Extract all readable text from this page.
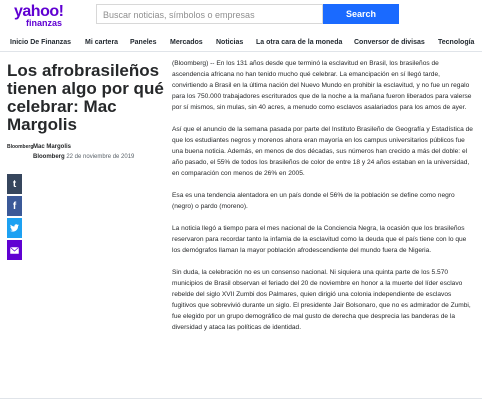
yahoo!
finanzas
Buscar noticias, símbolos o empresas
Search
Inicio De Finanzas Mi cartera Paneles Mercados Noticias La otra cara de la moneda Conversor de divisas Tecnología
Los afrobrasileños tienen algo por qué celebrar: Mac Margolis
Bloomberg Mac Margolis
Bloomberg 22 de noviembre de 2019
t
f

(Bloomberg) -- En los 131 años desde que terminó la esclavitud en Brasil, los brasileños de ascendencia africana no han tenido mucho qué celebrar. La emancipación en sí llegó tarde, convirtiendo a Brasil en la última nación del Nuevo Mundo en prohibir la esclavitud, y no fue un regalo para los 750.000 trabajadores escriturados que de la noche a la mañana fueron liberados para valerse por sí mismos, sin mulas, sin 40 acres, a menudo como esclavos asalariados para los amos de ayer.

Así que el anuncio de la semana pasada por parte del Instituto Brasileño de Geografía y Estadística de que los estudiantes negros y morenos ahora eran mayoría en los campus universitarios públicos fue una buena noticia. Además, en menos de dos décadas, sus números han crecido a más del doble: el año pasado, el 55% de todos los brasileños de color de entre 18 y 24 años estaban en la universidad, en comparación con menos de 26% en 2005.

Esa es una tendencia alentadora en un país donde el 56% de la población se define como negro (negro) o pardo (moreno).

La noticia llegó a tiempo para el mes nacional de la Conciencia Negra, la ocasión que los brasileños reservaron para recordar tanto la infamia de la esclavitud como la deuda que el país tiene con lo que los demógrafos llaman la mayor población afrodescendiente del mundo fuera de Nigeria.

Sin duda, la celebración no es un consenso nacional. Ni siquiera una quinta parte de los 5.570 municipios de Brasil observan el feriado del 20 de noviembre en honor a la muerte del líder esclavo rebelde del siglo XVII Zumbi dos Palmares, quien dirigió una colonia independiente de esclavos fugitivos que sobrevivió durante un siglo. El presidente Jair Bolsonaro, que no es admirador de Zumbi, fue elegido por un grupo demográfico de mal gusto de derecha que desprecia las banderas de la diversidad y ataca las políticas de identidad.
